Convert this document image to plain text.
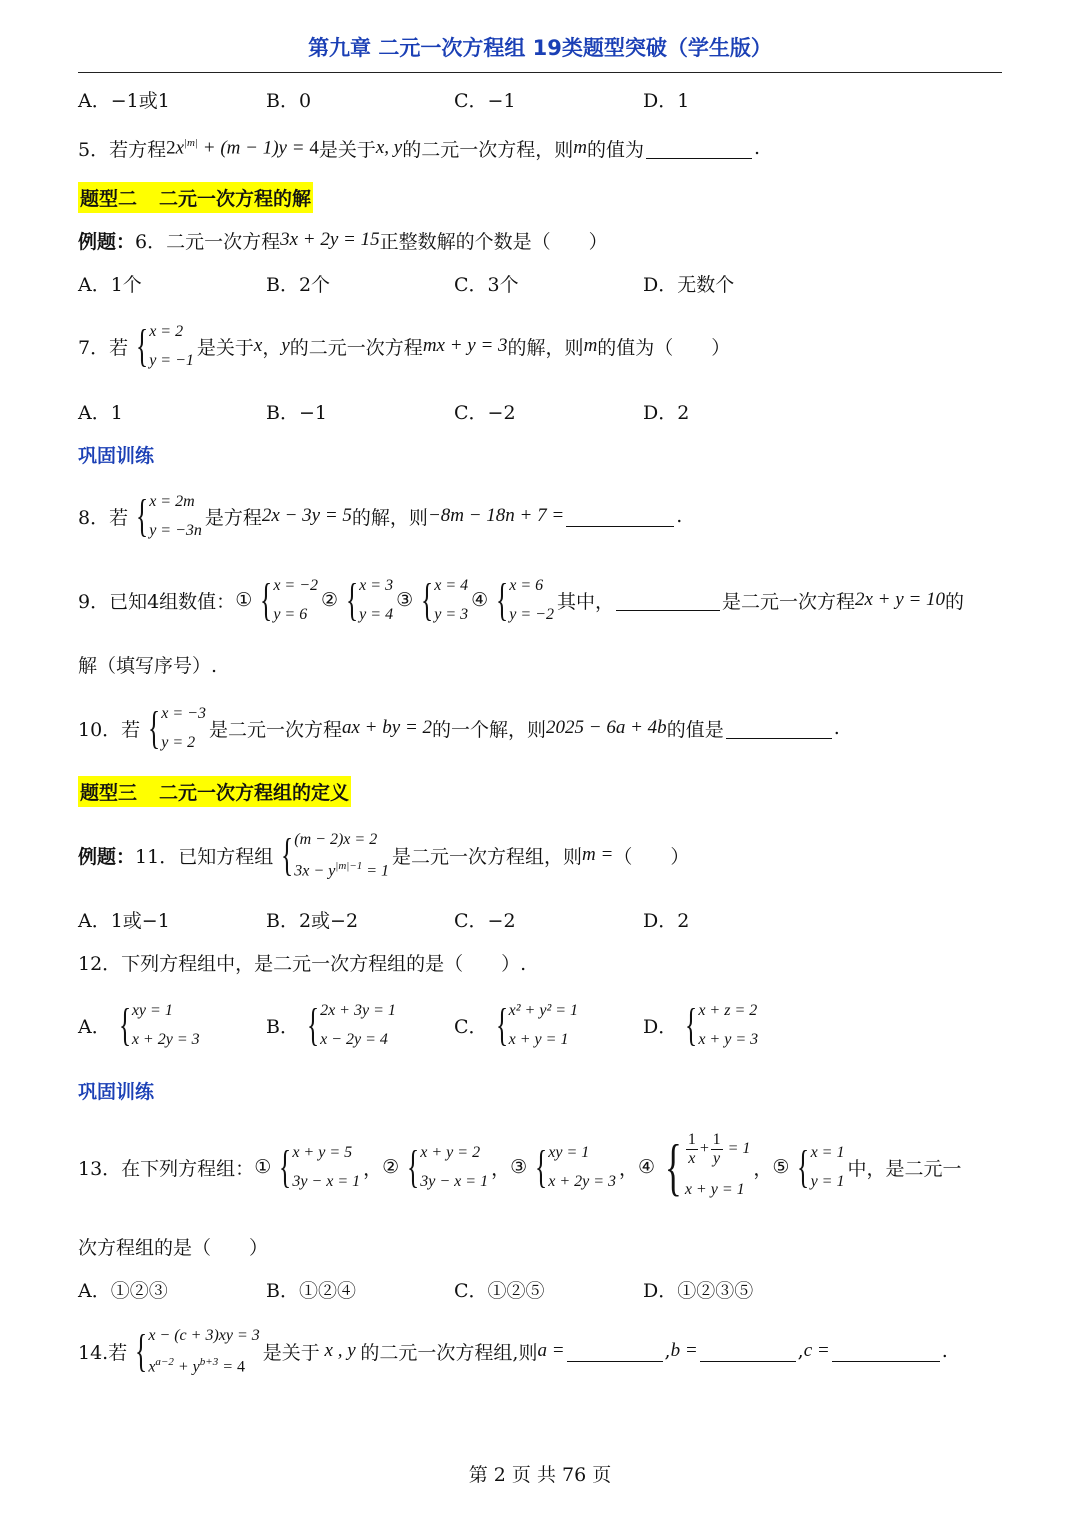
第九章 二元一次方程组 19类题型突破（学生版）
A．−1或1	B．0	C．−1	D．1
5．若方程 $2x^{|m|} + (m - 1)y = 4$ 是关于 x, y 的二元一次方程，则 m 的值为	.
题型二 二元一次方程的解
例题： 6．二元一次方程 3x + 2y = 15 正整数解的个数是（　　）
A．1个	B．2个	C．3个	D．无数个
7．若 { x = 2
y = −1
是关于 x ， y 的二元一次方程 mx + y = 3 的解，则 m 的值为（　　）
A．1	B．−1	C．−2	D．2
巩固训练
8．若 { x = 2m
y = −3n
是方程 2x − 3y = 5 的解，则 −8m − 18n + 7 =	.
9．已知4组数值： ① { x = −2
y = 6
② { x = 3
y = 4
③ { x = 4
y = 3
④ { x = 6
y = −2
其中，	是二元一次方程 2x + y = 10 的
解（填写序号）.
10．若 { x = −3
y = 2
是二元一次方程 ax + by = 2 的一个解，则 2025 − 6a + 4b 的值是	.
题型三 二元一次方程组的定义
例题： 11．已知方程组 { (m − 2)x = 2
$3x - y^{|m|-1} = 1$
是二元一次方程组，则 m = （　　）
A．1或−1	B．2或−2	C．−2	D．2
12．下列方程组中，是二元一次方程组的是（　　）.
A． { xy = 1
x + 2y = 3
B． { 2x + 3y = 1
x − 2y = 4
C． { x² + y² = 1
x + y = 1
D． { x + z = 2
x + y = 3
巩固训练
13．在下列方程组： ① { x + y = 5
3y − x = 1
， ② { x + y = 2
3y − x = 1
， ③ { xy = 1
x + 2y = 3
， ④ { $\frac{1}{x} + \frac{1}{y} = 1$
x + y = 1
， ⑤ { x = 1
y = 1
中，是二元一
次方程组的是（　　）
A．①②③	B．①②④	C．①②⑤	D．①②③⑤
14.若 { x − (c + 3)xy = 3
$x^{a-2} + y^{b+3} = 4$
是关于 x , y 的二元一次方程组,则 a =	, b =	, c =	.
第 2 页 共 76 页
